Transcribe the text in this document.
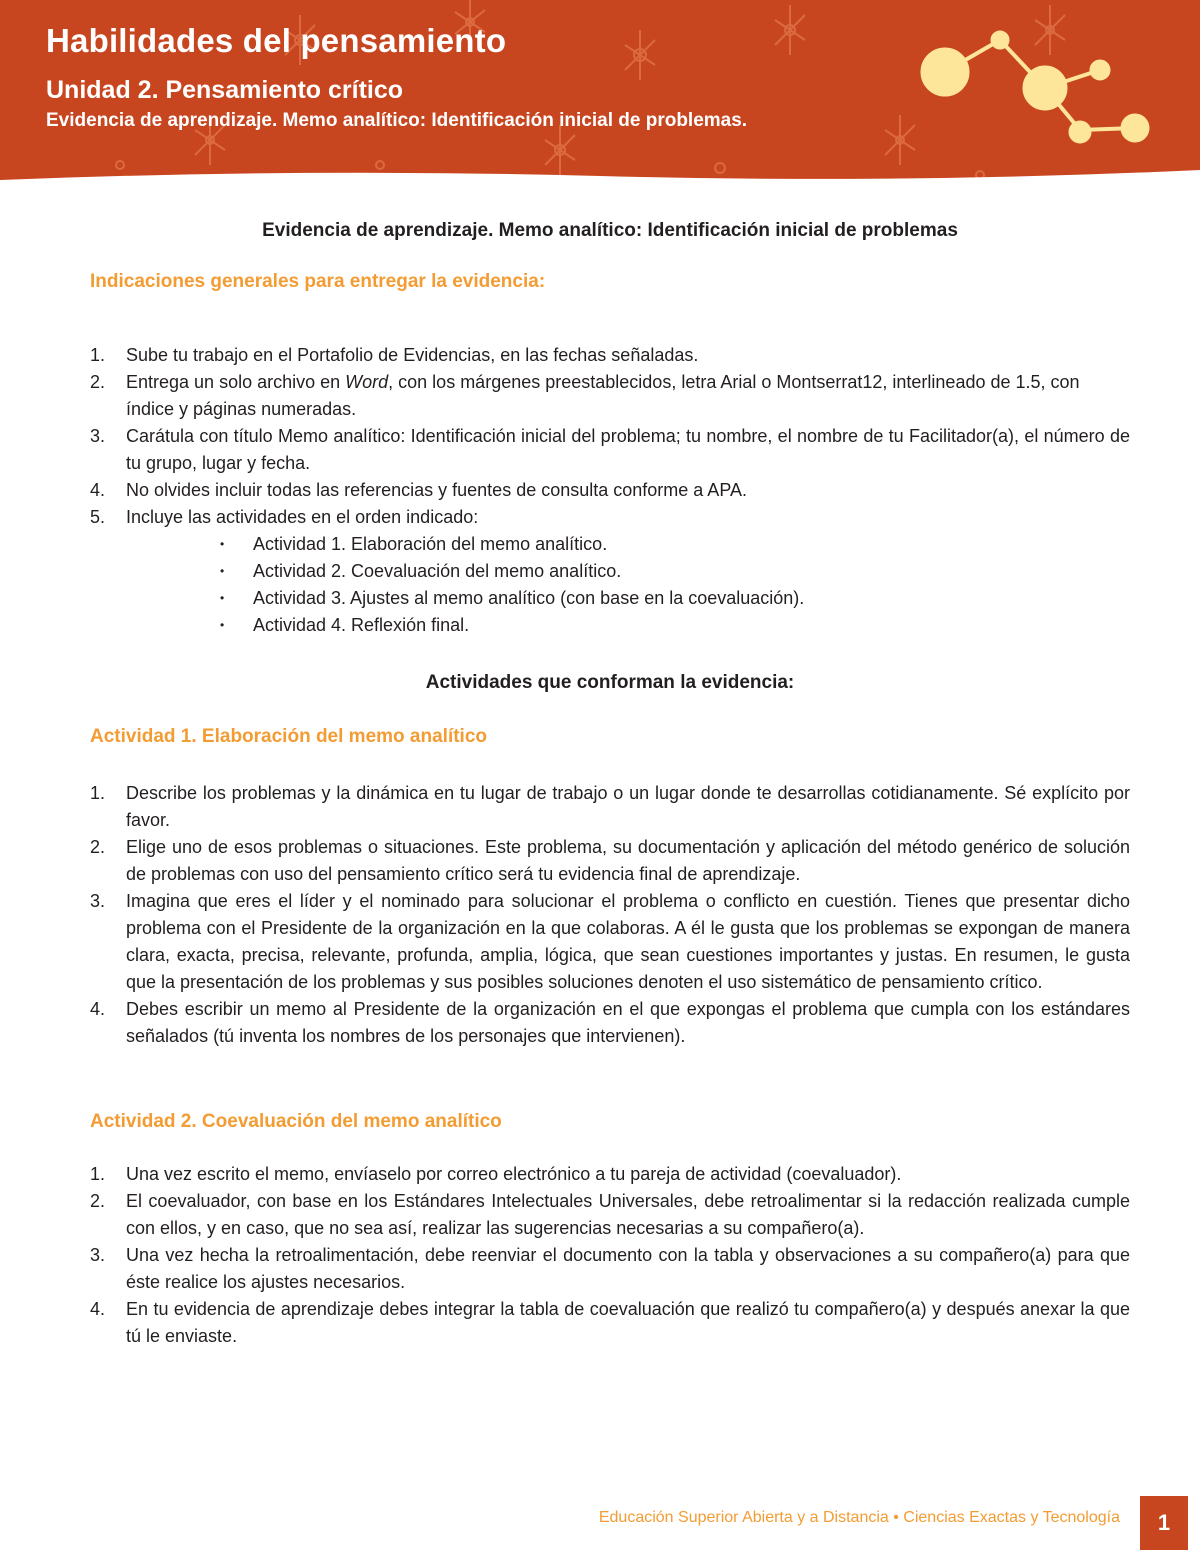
Habilidades del pensamiento
Unidad 2. Pensamiento crítico
Evidencia de aprendizaje. Memo analítico: Identificación inicial de problemas.

Evidencia de aprendizaje. Memo analítico: Identificación inicial de problemas

Indicaciones generales para entregar la evidencia:

1. Sube tu trabajo en el Portafolio de Evidencias, en las fechas señaladas.
2. Entrega un solo archivo en Word, con los márgenes preestablecidos, letra Arial o Montserrat12, interlineado de 1.5, con índice y páginas numeradas.
3. Carátula con título Memo analítico: Identificación inicial del problema; tu nombre, el nombre de tu Facilitador(a), el número de tu grupo, lugar y fecha.
4. No olvides incluir todas las referencias y fuentes de consulta conforme a APA.
5. Incluye las actividades en el orden indicado:
• Actividad 1. Elaboración del memo analítico.
• Actividad 2. Coevaluación del memo analítico.
• Actividad 3. Ajustes al memo analítico (con base en la coevaluación).
• Actividad 4. Reflexión final.

Actividades que conforman la evidencia:

Actividad 1. Elaboración del memo analítico

1. Describe los problemas y la dinámica en tu lugar de trabajo o un lugar donde te desarrollas cotidianamente. Sé explícito por favor.
2. Elige uno de esos problemas o situaciones. Este problema, su documentación y aplicación del método genérico de solución de problemas con uso del pensamiento crítico será tu evidencia final de aprendizaje.
3. Imagina que eres el líder y el nominado para solucionar el problema o conflicto en cuestión. Tienes que presentar dicho problema con el Presidente de la organización en la que colaboras. A él le gusta que los problemas se expongan de manera clara, exacta, precisa, relevante, profunda, amplia, lógica, que sean cuestiones importantes y justas. En resumen, le gusta que la presentación de los problemas y sus posibles soluciones denoten el uso sistemático de pensamiento crítico.
4. Debes escribir un memo al Presidente de la organización en el que expongas el problema que cumpla con los estándares señalados (tú inventa los nombres de los personajes que intervienen).

Actividad 2. Coevaluación del memo analítico

1. Una vez escrito el memo, envíaselo por correo electrónico a tu pareja de actividad (coevaluador).
2. El coevaluador, con base en los Estándares Intelectuales Universales, debe retroalimentar si la redacción realizada cumple con ellos, y en caso, que no sea así, realizar las sugerencias necesarias a su compañero(a).
3. Una vez hecha la retroalimentación, debe reenviar el documento con la tabla y observaciones a su compañero(a) para que éste realice los ajustes necesarios.
4. En tu evidencia de aprendizaje debes integrar la tabla de coevaluación que realizó tu compañero(a) y después anexar la que tú le enviaste.
Educación Superior Abierta y a Distancia • Ciencias Exactas y Tecnología	1
